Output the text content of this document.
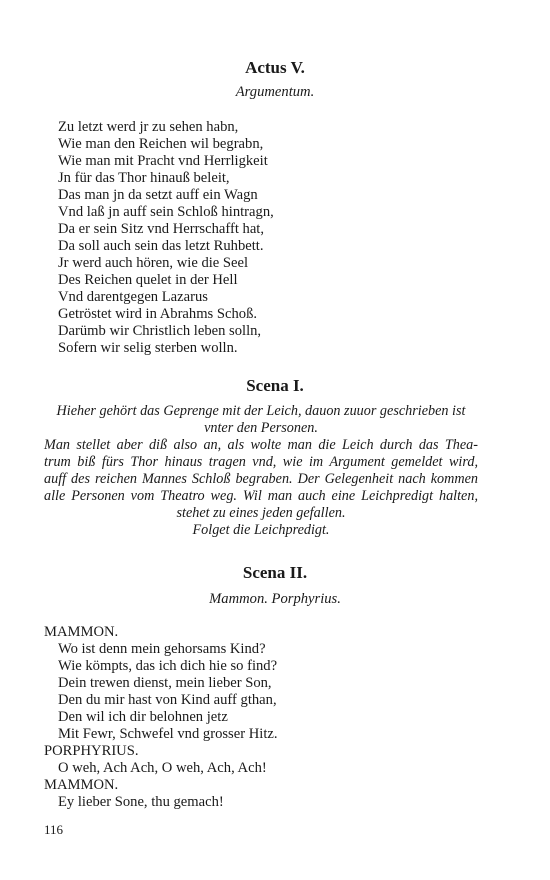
Actus V.
Argumentum.
Zu letzt werd jr zu sehen habn,
Wie man den Reichen wil begrabn,
Wie man mit Pracht vnd Herrligkeit
Jn für das Thor hinauß beleit,
Das man jn da setzt auff ein Wagn
Vnd laß jn auff sein Schloß hintragn,
Da er sein Sitz vnd Herrschafft hat,
Da soll auch sein das letzt Ruhbett.
Jr werd auch hören, wie die Seel
Des Reichen quelet in der Hell
Vnd darentgegen Lazarus
Getröstet wird in Abrahms Schoß.
Darümb wir Christlich leben solln,
Sofern wir selig sterben wolln.
Scena I.
Hieher gehört das Geprenge mit der Leich, dauon zuuor geschrieben ist
vnter den Personen.
Man stellet aber diß also an, als wolte man die Leich durch das Thea-
trum biß fürs Thor hinaus tragen vnd, wie im Argument gemeldet wird,
auff des reichen Mannes Schloß begraben. Der Gelegenheit nach kommen
alle Personen vom Theatro weg. Wil man auch eine Leichpredigt halten,
stehet zu eines jeden gefallen.
Folget die Leichpredigt.
Scena II.
Mammon. Porphyrius.
MAMMON.
Wo ist denn mein gehorsams Kind?
Wie kömpts, das ich dich hie so find?
Dein trewen dienst, mein lieber Son,
Den du mir hast von Kind auff gthan,
Den wil ich dir belohnen jetz
Mit Fewr, Schwefel vnd grosser Hitz.
PORPHYRIUS.
O weh, Ach Ach, O weh, Ach, Ach!
MAMMON.
Ey lieber Sone, thu gemach!
116
